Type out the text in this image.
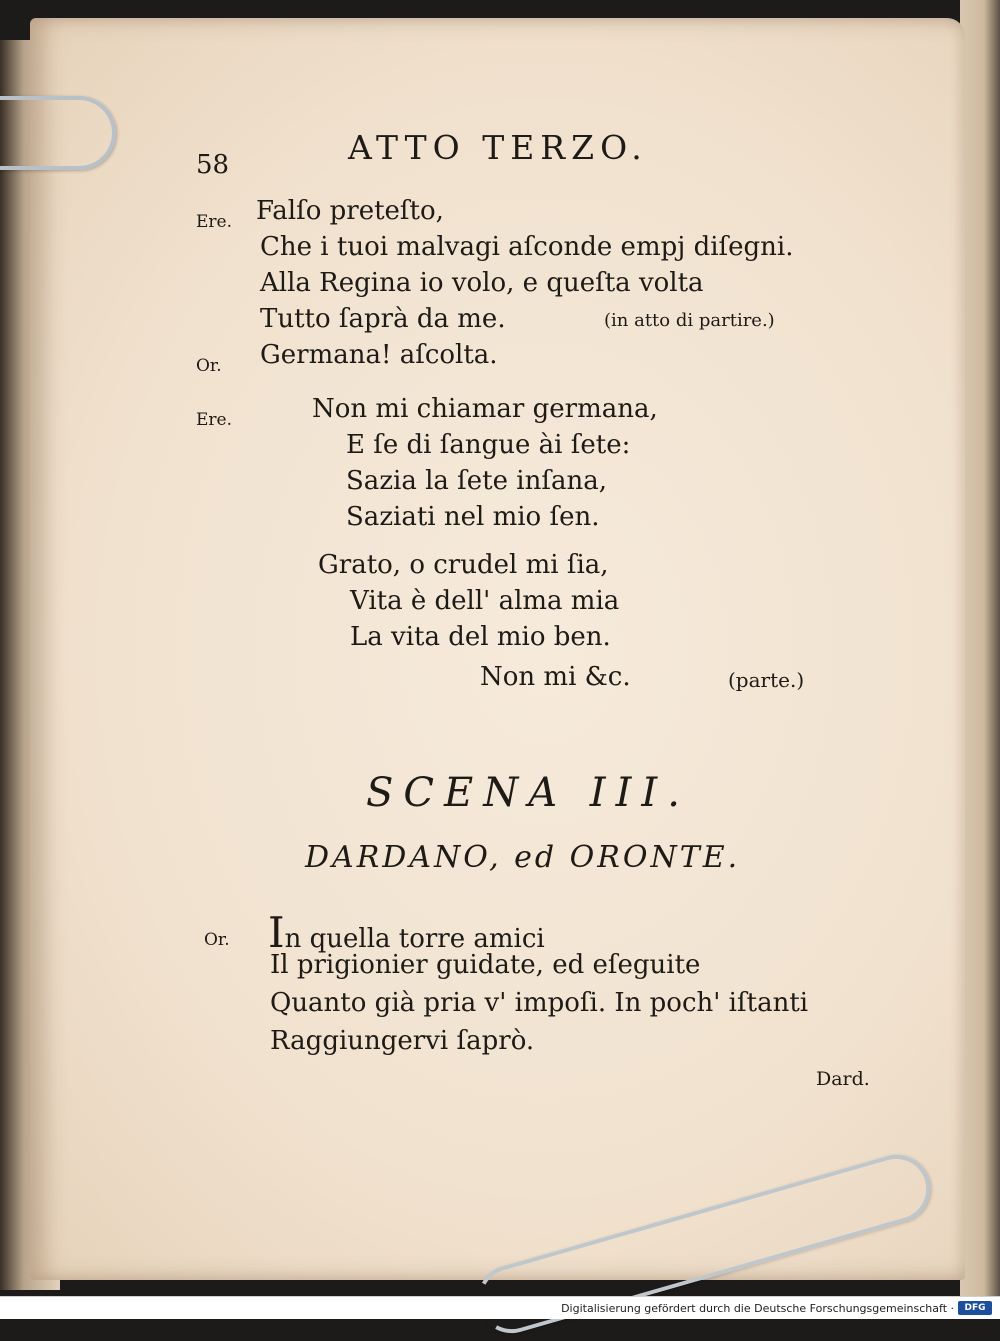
58	ATTO TERZO.
Ere. Falſo preteſto,
Che i tuoi malvagi aſconde empj diſegni.
Alla Regina io volo, e queſta volta
Tutto ſaprà da me.	(in atto di partire.)
Or. Germana! aſcolta.
Ere.	Non mi chiamar germana,
E ſe di ſangue ài ſete:
Sazia la ſete inſana,
Saziati nel mio ſen.
Grato, o crudel mi ſia,
Vita è dell' alma mia
La vita del mio ben.
Non mi &c.	(parte.)
SCENA III.
DARDANO, ed ORONTE.
Or. In quella torre amici
Il prigionier guidate, ed eſeguite
Quanto già pria v' impoſi. In poch' iſtanti
Raggiungervi ſaprò.
Dard.
Digitalisierung gefördert durch die Deutsche Forschungsgemeinschaft ·	DFG
